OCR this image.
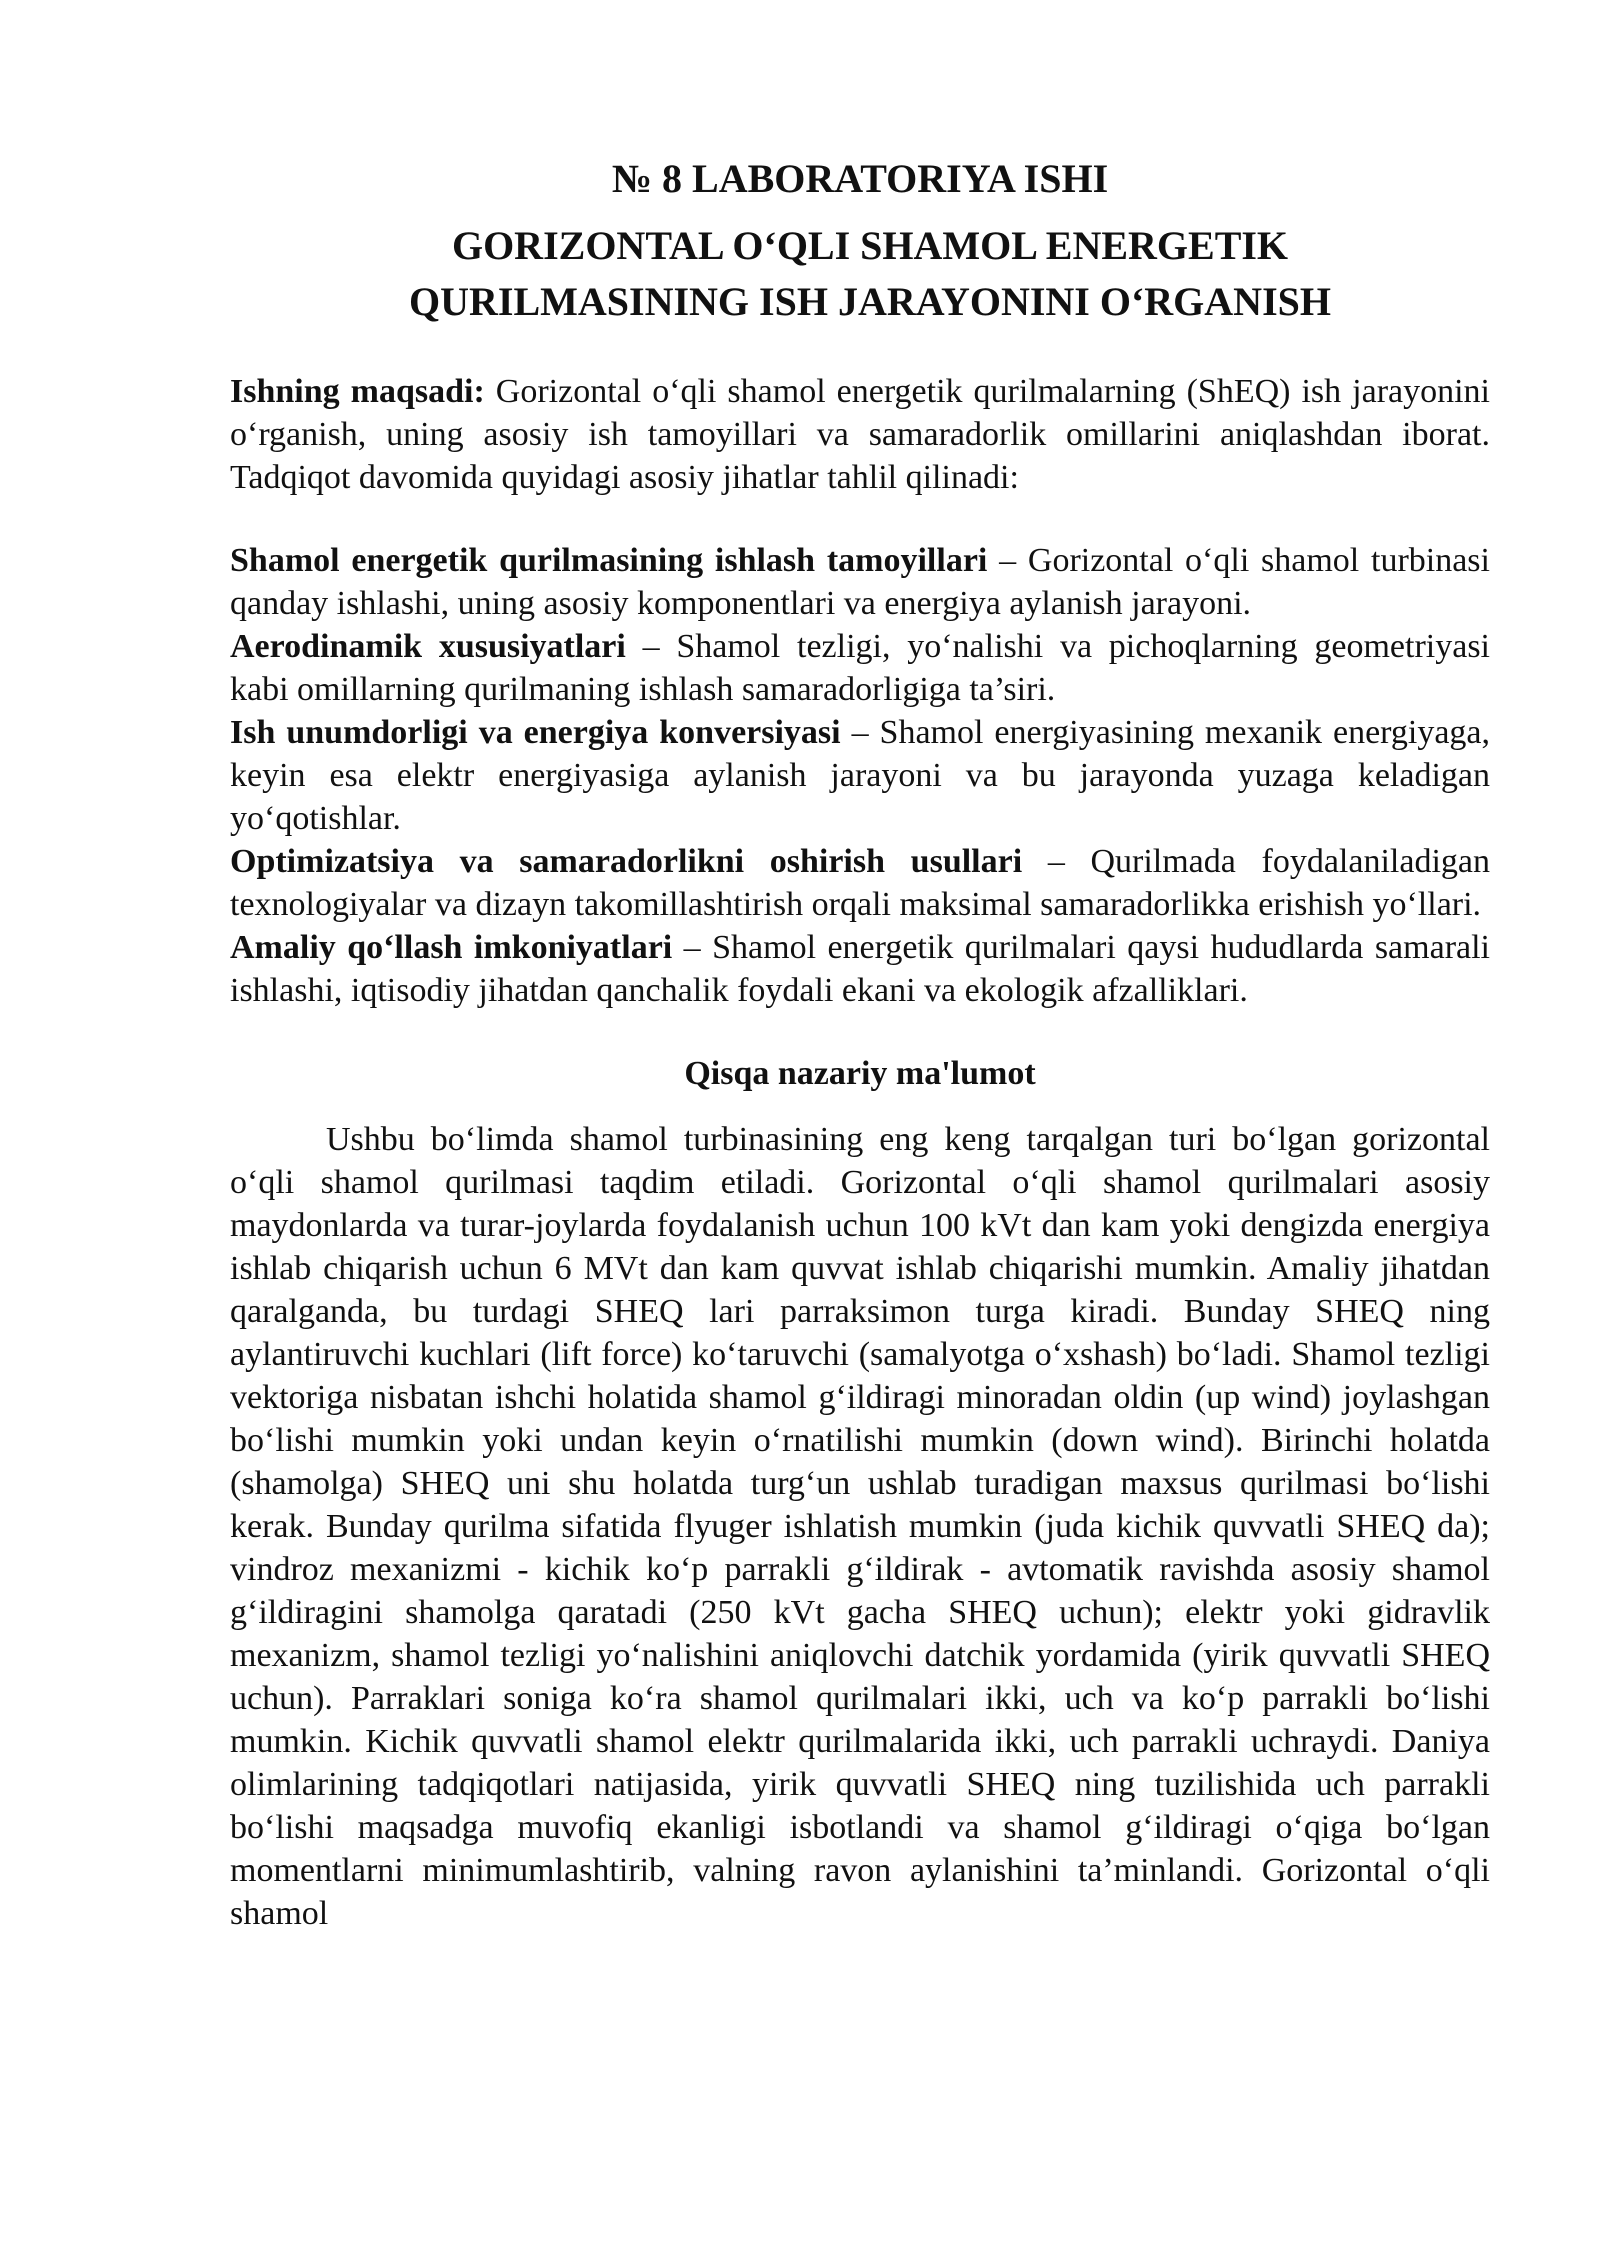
№ 8 LABORATORIYA ISHI
GORIZONTAL O‘QLI SHAMOL ENERGETIK
QURILMASINING ISH JARAYONINI O‘RGANISH

Ishning maqsadi: Gorizontal o‘qli shamol energetik qurilmalarning (ShEQ) ish jarayonini o‘rganish, uning asosiy ish tamoyillari va samaradorlik omillarini aniqlashdan iborat. Tadqiqot davomida quyidagi asosiy jihatlar tahlil qilinadi:

Shamol energetik qurilmasining ishlash tamoyillari – Gorizontal o‘qli shamol turbinasi qanday ishlashi, uning asosiy komponentlari va energiya aylanish jarayoni.

Aerodinamik xususiyatlari – Shamol tezligi, yo‘nalishi va pichoqlarning geometriyasi kabi omillarning qurilmaning ishlash samaradorligiga ta’siri.

Ish unumdorligi va energiya konversiyasi – Shamol energiyasining mexanik energiyaga, keyin esa elektr energiyasiga aylanish jarayoni va bu jarayonda yuzaga keladigan yo‘qotishlar.

Optimizatsiya va samaradorlikni oshirish usullari – Qurilmada foydalaniladigan texnologiyalar va dizayn takomillashtirish orqali maksimal samaradorlikka erishish yo‘llari.

Amaliy qo‘llash imkoniyatlari – Shamol energetik qurilmalari qaysi hududlarda samarali ishlashi, iqtisodiy jihatdan qanchalik foydali ekani va ekologik afzalliklari.

Qisqa nazariy ma'lumot

Ushbu bo‘limda shamol turbinasining eng keng tarqalgan turi bo‘lgan gorizontal o‘qli shamol qurilmasi taqdim etiladi. Gorizontal o‘qli shamol qurilmalari asosiy maydonlarda va turar-joylarda foydalanish uchun 100 kVt dan kam yoki dengizda energiya ishlab chiqarish uchun 6 MVt dan kam quvvat ishlab chiqarishi mumkin. Amaliy jihatdan qaralganda, bu turdagi SHEQ lari parraksimon turga kiradi. Bunday SHEQ ning aylantiruvchi kuchlari (lift force) ko‘taruvchi (samalyotga o‘xshash) bo‘ladi. Shamol tezligi vektoriga nisbatan ishchi holatida shamol g‘ildiragi minoradan oldin (up wind) joylashgan bo‘lishi mumkin yoki undan keyin o‘rnatilishi mumkin (down wind). Birinchi holatda (shamolga) SHEQ uni shu holatda turg‘un ushlab turadigan maxsus qurilmasi bo‘lishi kerak. Bunday qurilma sifatida flyuger ishlatish mumkin (juda kichik quvvatli SHEQ da); vindroz mexanizmi - kichik ko‘p parrakli g‘ildirak - avtomatik ravishda asosiy shamol g‘ildiragini shamolga qaratadi (250 kVt gacha SHEQ uchun); elektr yoki gidravlik mexanizm, shamol tezligi yo‘nalishini aniqlovchi datchik yordamida (yirik quvvatli SHEQ uchun). Parraklari soniga ko‘ra shamol qurilmalari ikki, uch va ko‘p parrakli bo‘lishi mumkin. Kichik quvvatli shamol elektr qurilmalarida ikki, uch parrakli uchraydi. Daniya olimlarining tadqiqotlari natijasida, yirik quvvatli SHEQ ning tuzilishida uch parrakli bo‘lishi maqsadga muvofiq ekanligi isbotlandi va shamol g‘ildiragi o‘qiga bo‘lgan momentlarni minimumlashtirib, valning ravon aylanishini ta’minlandi. Gorizontal o‘qli shamol
